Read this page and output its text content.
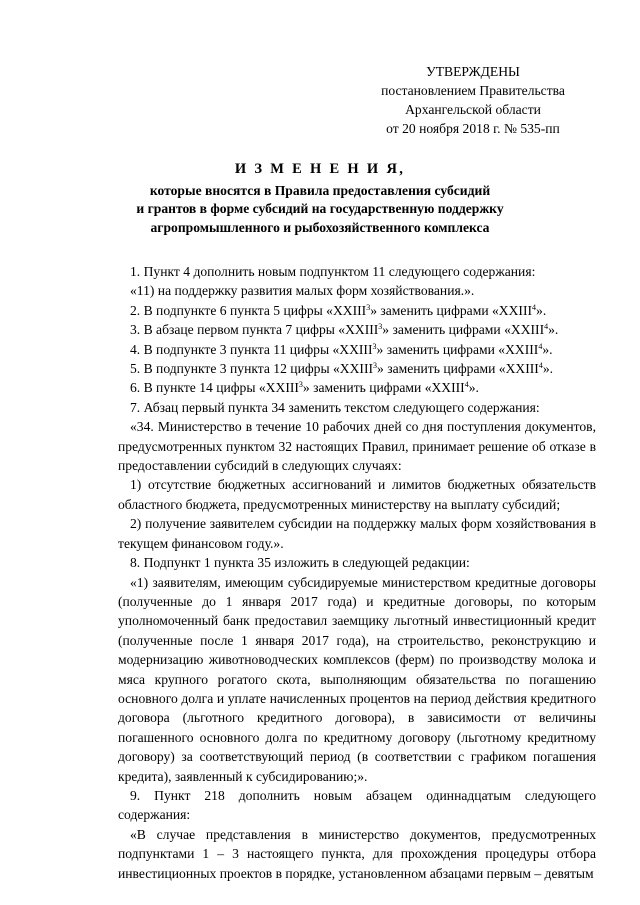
УТВЕРЖДЕНЫ
постановлением Правительства
Архангельской области
от 20 ноября 2018 г. № 535-пп
И З М Е Н Е Н И Я,
которые вносятся в Правила предоставления субсидий
и грантов в форме субсидий на государственную поддержку
агропромышленного и рыбохозяйственного комплекса

1. Пункт 4 дополнить новым подпунктом 11 следующего содержания:

«11) на поддержку развития малых форм хозяйствования.».

2. В подпункте 6 пункта 5 цифры «XXIII$^3$» заменить цифрами «XXIII$^4$».

3. В абзаце первом пункта 7 цифры «XXIII$^3$» заменить цифрами «XXIII$^4$».

4. В подпункте 3 пункта 11 цифры «XXIII$^3$» заменить цифрами «XXIII$^4$».

5. В подпункте 3 пункта 12 цифры «XXIII$^3$» заменить цифрами «XXIII$^4$».

6. В пункте 14 цифры «XXIII$^3$» заменить цифрами «XXIII$^4$».

7. Абзац первый пункта 34 заменить текстом следующего содержания:

«34. Министерство в течение 10 рабочих дней со дня поступления документов, предусмотренных пунктом 32 настоящих Правил, принимает решение об отказе в предоставлении субсидий в следующих случаях:

1) отсутствие бюджетных ассигнований и лимитов бюджетных обязательств областного бюджета, предусмотренных министерству на выплату субсидий;

2) получение заявителем субсидии на поддержку малых форм хозяйствования в текущем финансовом году.».

8. Подпункт 1 пункта 35 изложить в следующей редакции:

«1) заявителям, имеющим субсидируемые министерством кредитные договоры (полученные до 1 января 2017 года) и кредитные договоры, по которым уполномоченный банк предоставил заемщику льготный инвестиционный кредит (полученные после 1 января 2017 года), на строительство, реконструкцию и модернизацию животноводческих комплексов (ферм) по производству молока и мяса крупного рогатого скота, выполняющим обязательства по погашению основного долга и уплате начисленных процентов на период действия кредитного договора (льготного кредитного договора), в зависимости от величины погашенного основного долга по кредитному договору (льготному кредитному договору) за соответствующий период (в соответствии с графиком погашения кредита), заявленный к субсидированию;».

9. Пункт 218 дополнить новым абзацем одиннадцатым следующего содержания:

«В случае представления в министерство документов, предусмотренных подпунктами 1 – 3 настоящего пункта, для прохождения процедуры отбора инвестиционных проектов в порядке, установленном абзацами первым – девятым
